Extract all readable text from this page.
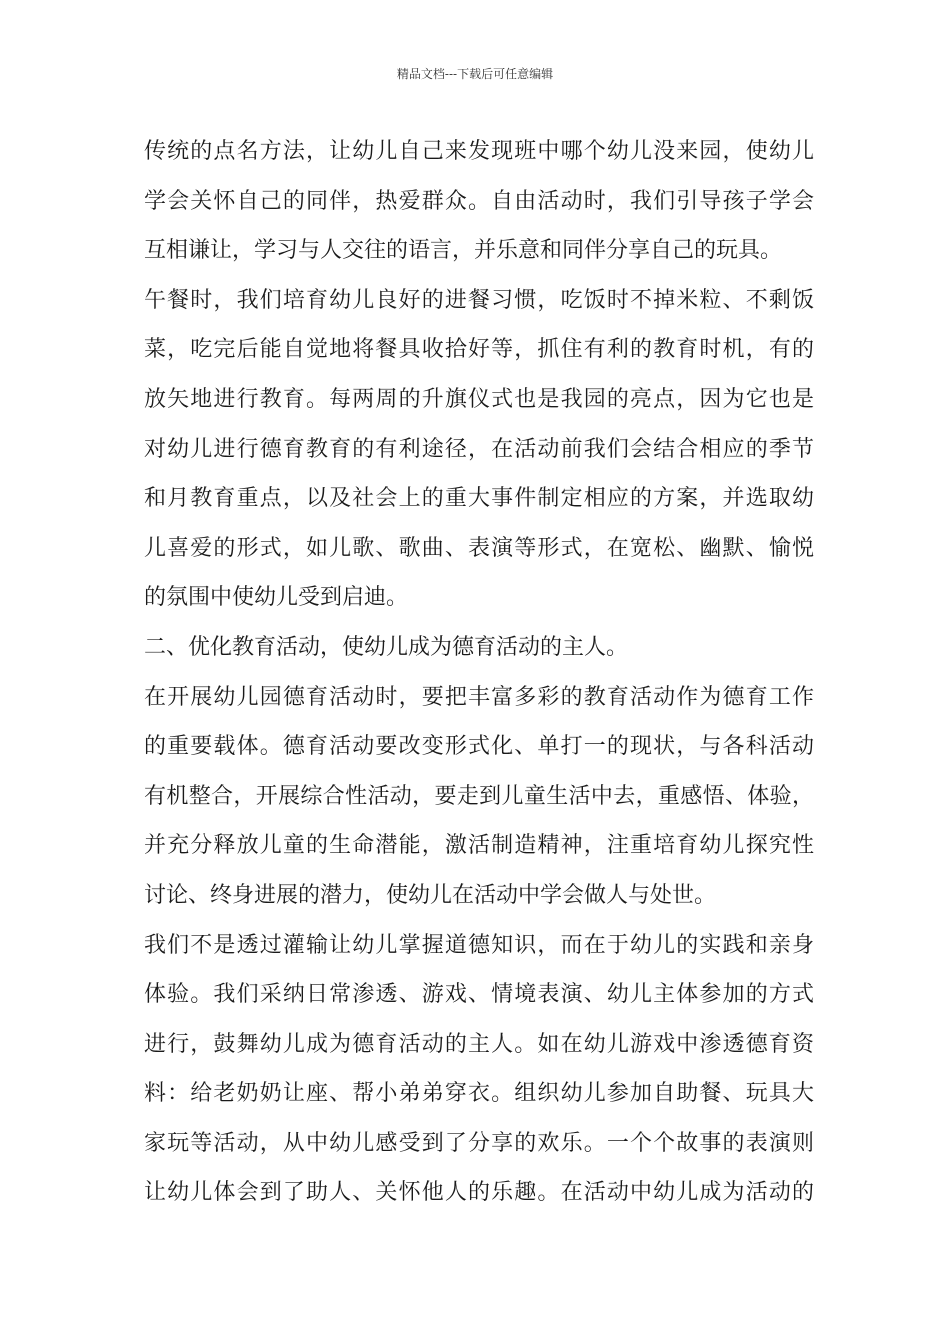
精品文档---下载后可任意编辑
传统的点名方法，让幼儿自己来发现班中哪个幼儿没来园，使幼儿
学会关怀自己的同伴，热爱群众。自由活动时，我们引导孩子学会
互相谦让，学习与人交往的语言，并乐意和同伴分享自己的玩具。
午餐时，我们培育幼儿良好的进餐习惯，吃饭时不掉米粒、不剩饭
菜，吃完后能自觉地将餐具收拾好等，抓住有利的教育时机，有的
放矢地进行教育。每两周的升旗仪式也是我园的亮点，因为它也是
对幼儿进行德育教育的有利途径，在活动前我们会结合相应的季节
和月教育重点，以及社会上的重大事件制定相应的方案，并选取幼
儿喜爱的形式，如儿歌、歌曲、表演等形式，在宽松、幽默、愉悦
的氛围中使幼儿受到启迪。
二、优化教育活动，使幼儿成为德育活动的主人。
在开展幼儿园德育活动时，要把丰富多彩的教育活动作为德育工作
的重要载体。德育活动要改变形式化、单打一的现状，与各科活动
有机整合，开展综合性活动，要走到儿童生活中去，重感悟、体验，
并充分释放儿童的生命潜能，激活制造精神，注重培育幼儿探究性
讨论、终身进展的潜力，使幼儿在活动中学会做人与处世。
我们不是透过灌输让幼儿掌握道德知识，而在于幼儿的实践和亲身
体验。我们采纳日常渗透、游戏、情境表演、幼儿主体参加的方式
进行，鼓舞幼儿成为德育活动的主人。如在幼儿游戏中渗透德育资
料：给老奶奶让座、帮小弟弟穿衣。组织幼儿参加自助餐、玩具大
家玩等活动，从中幼儿感受到了分享的欢乐。一个个故事的表演则
让幼儿体会到了助人、关怀他人的乐趣。在活动中幼儿成为活动的
